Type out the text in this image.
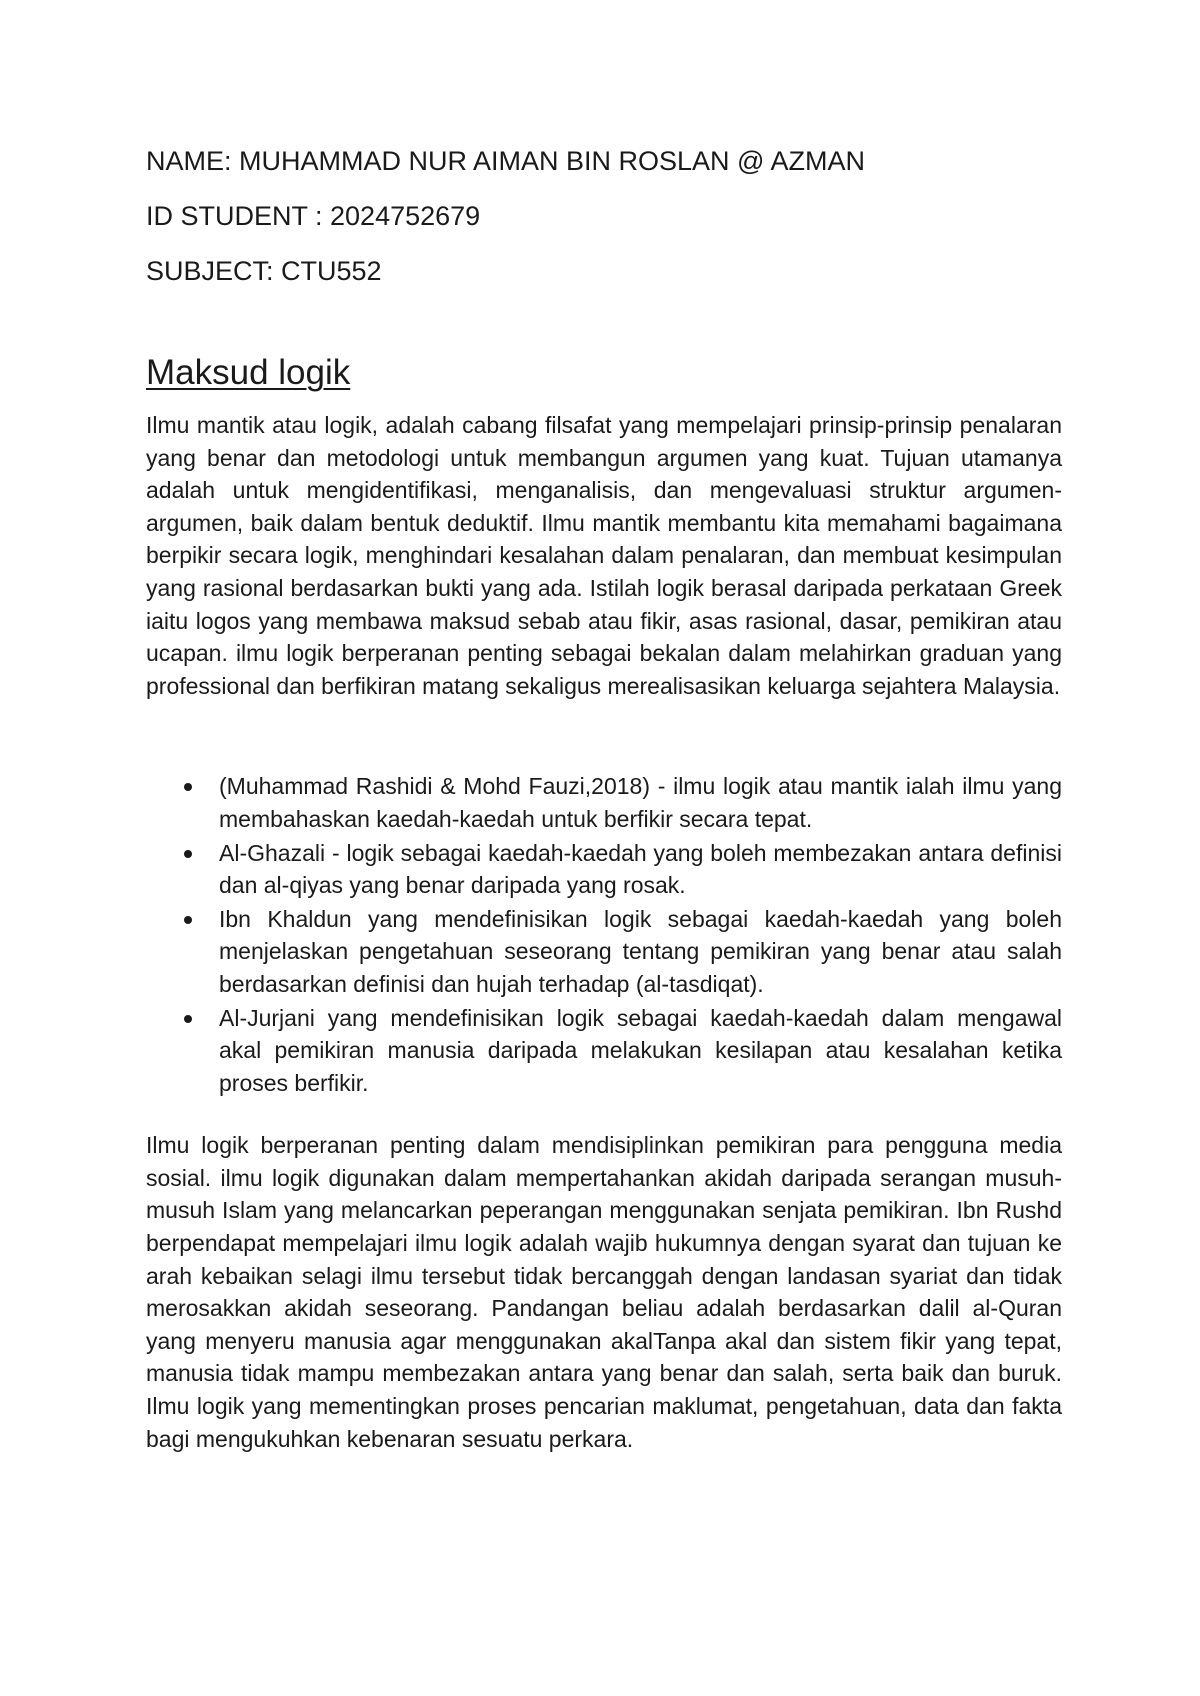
NAME: MUHAMMAD NUR AIMAN BIN ROSLAN @ AZMAN
ID STUDENT : 2024752679
SUBJECT: CTU552
Maksud logik

Ilmu mantik atau logik, adalah cabang filsafat yang mempelajari prinsip-prinsip penalaran yang benar dan metodologi untuk membangun argumen yang kuat. Tujuan utamanya adalah untuk mengidentifikasi, menganalisis, dan mengevaluasi struktur argumen-argumen, baik dalam bentuk deduktif. Ilmu mantik membantu kita memahami bagaimana berpikir secara logik, menghindari kesalahan dalam penalaran, dan membuat kesimpulan yang rasional berdasarkan bukti yang ada. Istilah logik berasal daripada perkataan Greek iaitu logos yang membawa maksud sebab atau fikir, asas rasional, dasar, pemikiran atau ucapan. ilmu logik berperanan penting sebagai bekalan dalam melahirkan graduan yang professional dan berfikiran matang sekaligus merealisasikan keluarga sejahtera Malaysia.

(Muhammad Rashidi & Mohd Fauzi,2018) - ilmu logik atau mantik ialah ilmu yang membahaskan kaedah-kaedah untuk berfikir secara tepat.
Al-Ghazali - logik sebagai kaedah-kaedah yang boleh membezakan antara definisi dan al-qiyas yang benar daripada yang rosak.
Ibn Khaldun yang mendefinisikan logik sebagai kaedah-kaedah yang boleh menjelaskan pengetahuan seseorang tentang pemikiran yang benar atau salah berdasarkan definisi dan hujah terhadap (al-tasdiqat).
Al-Jurjani yang mendefinisikan logik sebagai kaedah-kaedah dalam mengawal akal pemikiran manusia daripada melakukan kesilapan atau kesalahan ketika proses berfikir.

Ilmu logik berperanan penting dalam mendisiplinkan pemikiran para pengguna media sosial. ilmu logik digunakan dalam mempertahankan akidah daripada serangan musuh-musuh Islam yang melancarkan peperangan menggunakan senjata pemikiran. Ibn Rushd berpendapat mempelajari ilmu logik adalah wajib hukumnya dengan syarat dan tujuan ke arah kebaikan selagi ilmu tersebut tidak bercanggah dengan landasan syariat dan tidak merosakkan akidah seseorang. Pandangan beliau adalah berdasarkan dalil al-Quran yang menyeru manusia agar menggunakan akalTanpa akal dan sistem fikir yang tepat, manusia tidak mampu membezakan antara yang benar dan salah, serta baik dan buruk. Ilmu logik yang mementingkan proses pencarian maklumat, pengetahuan, data dan fakta bagi mengukuhkan kebenaran sesuatu perkara.
